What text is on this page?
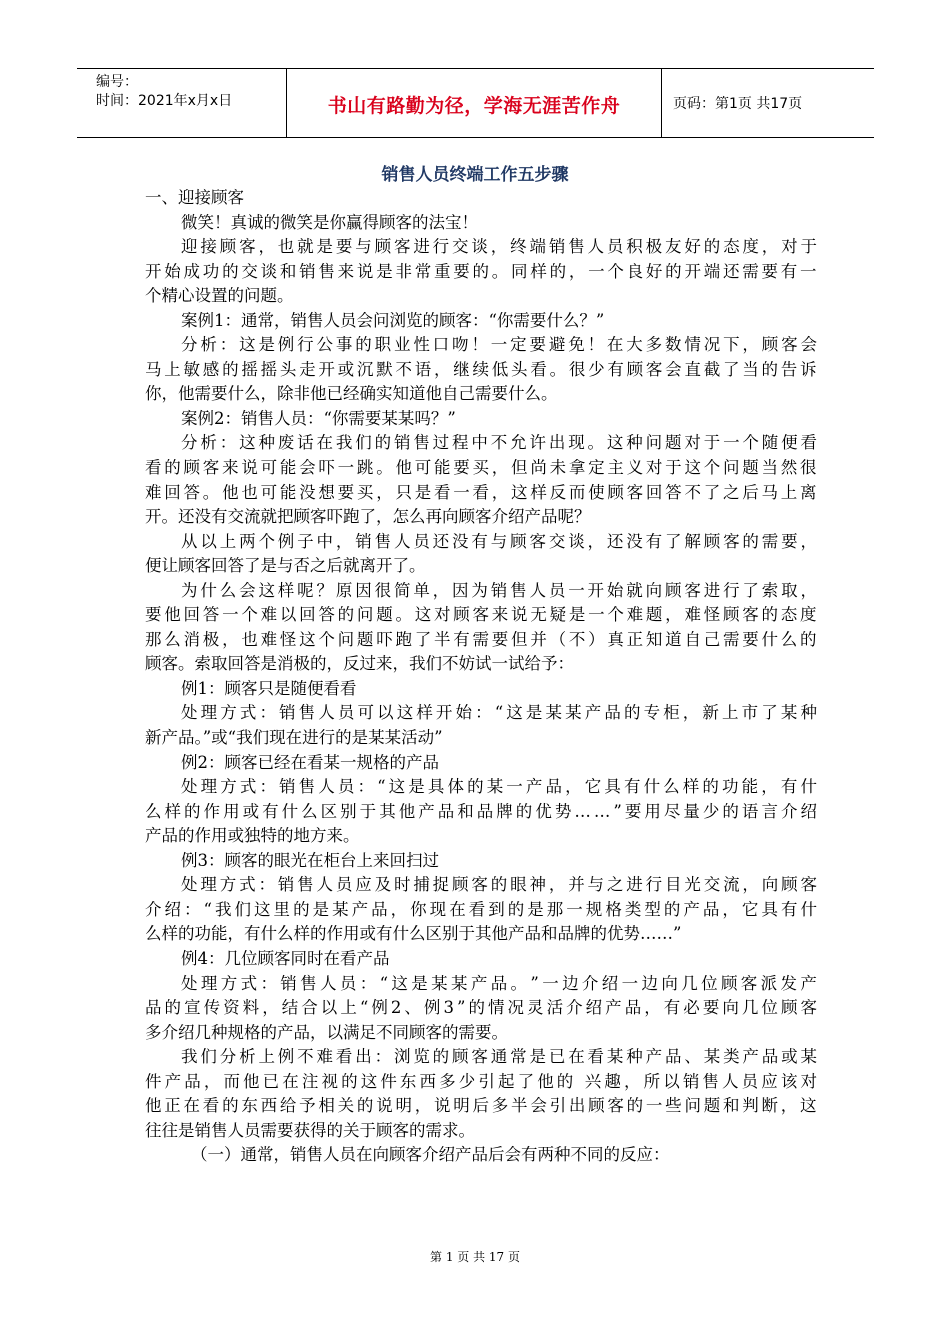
编号：
时间：2021年x月x日	书山有路勤为径，学海无涯苦作舟	页码：第1页 共17页
销售人员终端工作五步骤
一、迎接顾客
微笑！真诚的微笑是你赢得顾客的法宝！
迎 接 顾 客 ， 也 就 是 要 与 顾 客 进 行 交 谈 ， 终 端 销 售 人 员 积 极 友 好 的 态 度 ， 对 于
开 始 成 功 的 交 谈 和 销 售 来 说 是 非 常 重 要 的 。 同 样 的 ， 一 个 良 好 的 开 端 还 需 要 有 一
个精心设置的问题。
案例1：通常，销售人员会问浏览的顾客：“你需要什么？”
分 析 ： 这 是 例 行 公 事 的 职 业 性 口 吻 ！ 一 定 要 避 免 ！ 在 大 多 数 情 况 下 ， 顾 客 会
马 上 敏 感 的 摇 摇 头 走 开 或 沉 默 不 语 ， 继 续 低 头 看 。 很 少 有 顾 客 会 直 截 了 当 的 告 诉
你，他需要什么，除非他已经确实知道他自己需要什么。
案例2：销售人员：“你需要某某吗？”
分 析 ： 这 种 废 话 在 我 们 的 销 售 过 程 中 不 允 许 出 现 。 这 种 问 题 对 于 一 个 随 便 看
看 的 顾 客 来 说 可 能 会 吓 一 跳 。 他 可 能 要 买 ， 但 尚 未 拿 定 主 义 对 于 这 个 问 题 当 然 很
难 回 答 。 他 也 可 能 没 想 要 买 ， 只 是 看 一 看 ， 这 样 反 而 使 顾 客 回 答 不 了 之 后 马 上 离
开。还没有交流就把顾客吓跑了，怎么再向顾客介绍产品呢？
从 以 上 两 个 例 子 中 ， 销 售 人 员 还 没 有 与 顾 客 交 谈 ， 还 没 有 了 解 顾 客 的 需 要 ，
便让顾客回答了是与否之后就离开了。
为 什 么 会 这 样 呢 ？ 原 因 很 简 单 ， 因 为 销 售 人 员 一 开 始 就 向 顾 客 进 行 了 索 取 ，
要 他 回 答 一 个 难 以 回 答 的 问 题 。 这 对 顾 客 来 说 无 疑 是 一 个 难 题 ， 难 怪 顾 客 的 态 度
那 么 消 极 ， 也 难 怪 这 个 问 题 吓 跑 了 半 有 需 要 但 并 （ 不 ） 真 正 知 道 自 己 需 要 什 么 的
顾客。索取回答是消极的，反过来，我们不妨试一试给予：
例1：顾客只是随便看看
处 理 方 式 ： 销 售 人 员 可 以 这 样 开 始 ： “ 这 是 某 某 产 品 的 专 柜 ， 新 上 市 了 某 种
新产品。”或“我们现在进行的是某某活动”
例2：顾客已经在看某一规格的产品
处 理 方 式 ： 销 售 人 员 ： “ 这 是 具 体 的 某 一 产 品 ， 它 具 有 什 么 样 的 功 能 ， 有 什
么 样 的 作 用 或 有 什 么 区 别 于 其 他 产 品 和 品 牌 的 优 势 … … ” 要 用 尽 量 少 的 语 言 介 绍
产品的作用或独特的地方来。
例3：顾客的眼光在柜台上来回扫过
处 理 方 式 ： 销 售 人 员 应 及 时 捕 捉 顾 客 的 眼 神 ， 并 与 之 进 行 目 光 交 流 ， 向 顾 客
介 绍 ： “ 我 们 这 里 的 是 某 产 品 ， 你 现 在 看 到 的 是 那 一 规 格 类 型 的 产 品 ， 它 具 有 什
么样的功能，有什么样的作用或有什么区别于其他产品和品牌的优势……”
例4：几位顾客同时在看产品
处 理 方 式 ： 销 售 人 员 ： “ 这 是 某 某 产 品 。 ” 一 边 介 绍 一 边 向 几 位 顾 客 派 发 产
品 的 宣 传 资 料 ， 结 合 以 上 “ 例 2 、 例 3 ” 的 情 况 灵 活 介 绍 产 品 ， 有 必 要 向 几 位 顾 客
多介绍几种规格的产品，以满足不同顾客的需要。
我 们 分 析 上 例 不 难 看 出 ： 浏 览 的 顾 客 通 常 是 已 在 看 某 种 产 品 、 某 类 产 品 或 某
件 产 品 ， 而 他 已 在 注 视 的 这 件 东 西 多 少 引 起 了 他 的
兴 趣 ， 所 以 销 售 人 员 应 该 对
他 正 在 看 的 东 西 给 予 相 关 的 说 明 ， 说 明 后 多 半 会 引 出 顾 客 的 一 些 问 题 和 判 断 ， 这
往往是销售人员需要获得的关于顾客的需求。
（一）通常，销售人员在向顾客介绍产品后会有两种不同的反应：
第 1 页 共 17 页
